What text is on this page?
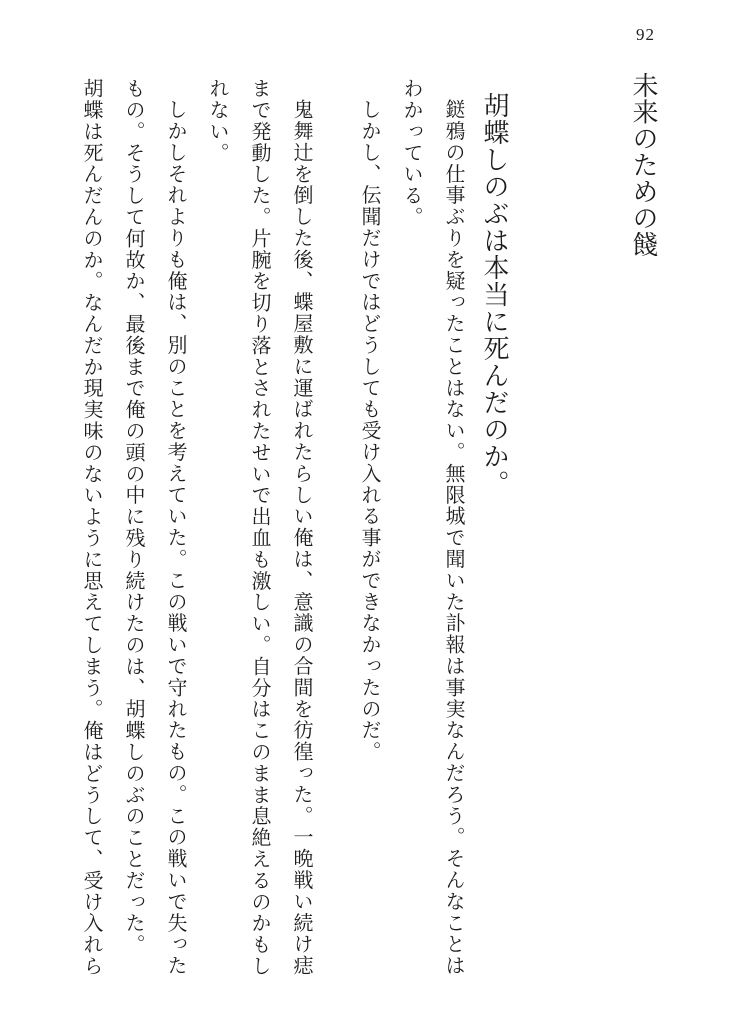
92
未来のための餞
胡蝶しのぶは本当に死んだのか。
鎹鴉の仕事ぶりを疑ったことはない。無限城で聞いた訃報は事実なんだろう。そんなことは
わかっている。
しかし、伝聞だけではどうしても受け入れる事ができなかったのだ。
鬼舞辻を倒した後、蝶屋敷に運ばれたらしい俺は、意識の合間を彷徨った。一晩戦い続け痣
まで発動した。片腕を切り落とされたせいで出血も激しい。自分はこのまま息絶えるのかもし
れない。
しかしそれよりも俺は、別のことを考えていた。この戦いで守れたもの。この戦いで失った
もの。そうして何故か、最後まで俺の頭の中に残り続けたのは、胡蝶しのぶのことだった。
胡蝶は死んだんのか。なんだか現実味のないように思えてしまう。俺はどうして、受け入れら
